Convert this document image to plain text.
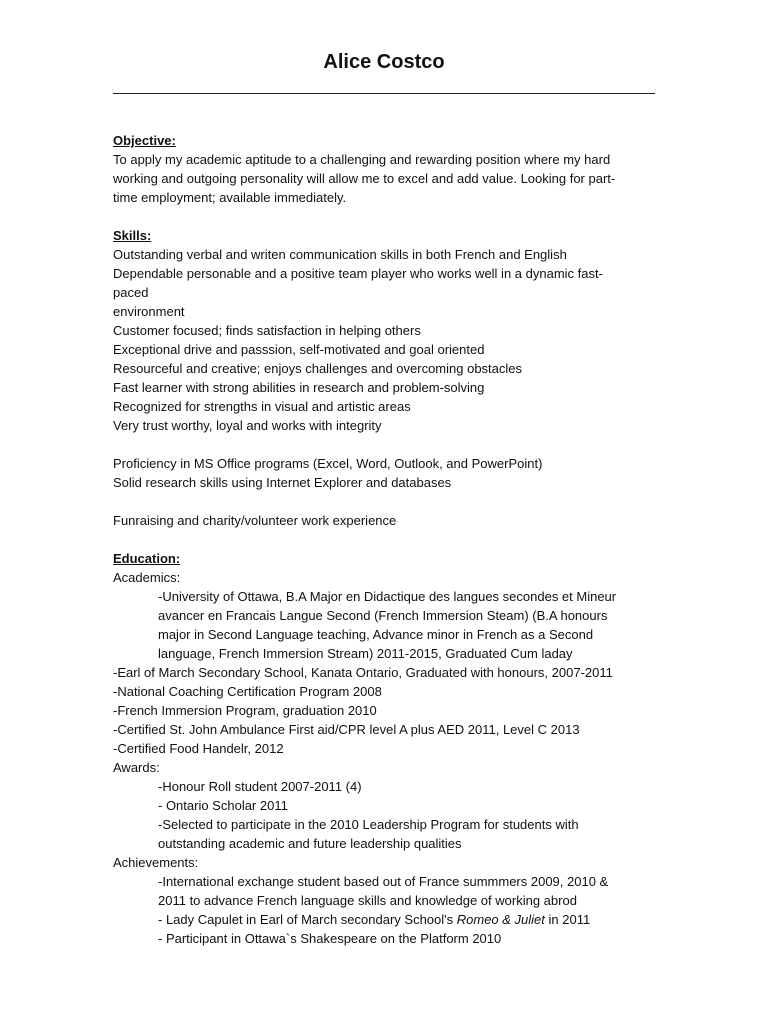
Alice Costco
Objective:
To apply my academic aptitude to a challenging and rewarding position where my hard
working and outgoing personality will allow me to excel and add value. Looking for part-
time employment; available immediately.
Skills:
Outstanding verbal and writen communication skills in both French and English
Dependable personable and a positive team player who works well in a dynamic fast-
paced
environment
Customer focused; finds satisfaction in helping others
Exceptional drive and passsion, self-motivated and goal oriented
Resourceful and creative; enjoys challenges and overcoming obstacles
Fast learner with strong abilities in research and problem-solving
Recognized for strengths in visual and artistic areas
Very trust worthy, loyal and works with integrity
Proficiency in MS Office programs (Excel, Word, Outlook, and PowerPoint)
Solid research skills using Internet Explorer and databases
Funraising and charity/volunteer work experience
Education:
Academics:
-University of Ottawa, B.A Major en Didactique des langues secondes et Mineur
avancer en Francais Langue Second (French Immersion Steam) (B.A honours
major in Second Language teaching, Advance minor in French as a Second
language, French Immersion Stream) 2011-2015, Graduated Cum laday
-Earl of March Secondary School, Kanata Ontario, Graduated with honours, 2007-2011
-National Coaching Certification Program 2008
-French Immersion Program, graduation 2010
-Certified St. John Ambulance First aid/CPR level A plus AED 2011, Level C 2013
-Certified Food Handelr, 2012
Awards:
-Honour Roll student 2007-2011 (4)
- Ontario Scholar 2011
-Selected to participate in the 2010 Leadership Program for students with
outstanding academic and future leadership qualities
Achievements:
-International exchange student based out of France summmers 2009, 2010 &
2011 to advance French language skills and knowledge of working abrod
- Lady Capulet in Earl of March secondary School's Romeo & Juliet in 2011
- Participant in Ottawa`s Shakespeare on the Platform 2010
